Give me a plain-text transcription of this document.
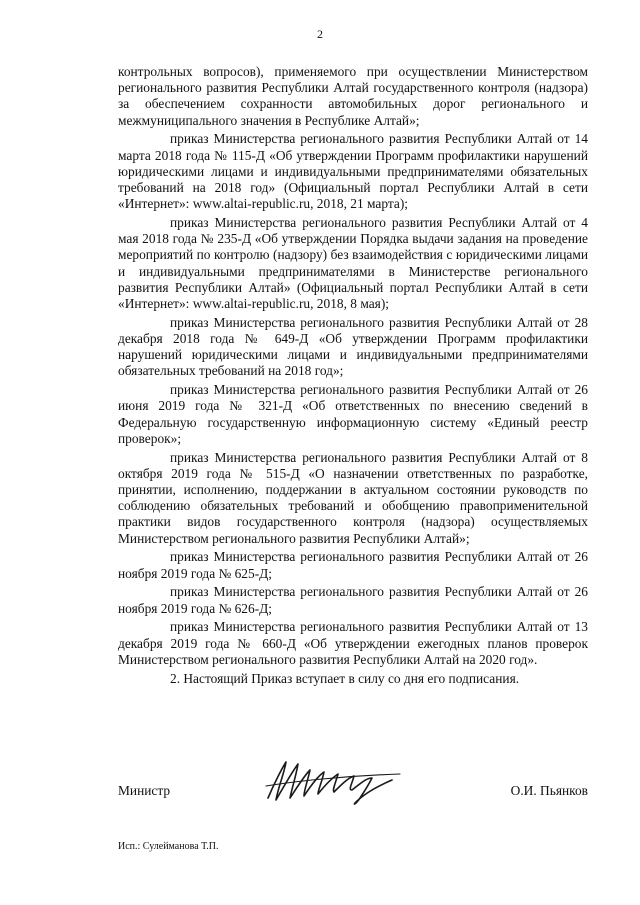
2

контрольных вопросов), применяемого при осуществлении Министерством регионального развития Республики Алтай государственного контроля (надзора) за обеспечением сохранности автомобильных дорог регионального и межмуниципального значения в Республике Алтай»;

приказ Министерства регионального развития Республики Алтай от 14 марта 2018 года № 115-Д «Об утверждении Программ профилактики нарушений юридическими лицами и индивидуальными предпринимателями обязательных требований на 2018 год» (Официальный портал Республики Алтай в сети «Интернет»: www.altai-republic.ru, 2018, 21 марта);

приказ Министерства регионального развития Республики Алтай от 4 мая 2018 года № 235-Д «Об утверждении Порядка выдачи задания на проведение мероприятий по контролю (надзору) без взаимодействия с юридическими лицами и индивидуальными предпринимателями в Министерстве регионального развития Республики Алтай» (Официальный портал Республики Алтай в сети «Интернет»: www.altai-republic.ru, 2018, 8 мая);

приказ Министерства регионального развития Республики Алтай от 28 декабря 2018 года № 649-Д «Об утверждении Программ профилактики нарушений юридическими лицами и индивидуальными предпринимателями обязательных требований на 2018 год»;

приказ Министерства регионального развития Республики Алтай от 26 июня 2019 года № 321-Д «Об ответственных по внесению сведений в Федеральную государственную информационную систему «Единый реестр проверок»;

приказ Министерства регионального развития Республики Алтай от 8 октября 2019 года № 515-Д «О назначении ответственных по разработке, принятии, исполнению, поддержании в актуальном состоянии руководств по соблюдению обязательных требований и обобщению правоприменительной практики видов государственного контроля (надзора) осуществляемых Министерством регионального развития Республики Алтай»;

приказ Министерства регионального развития Республики Алтай от 26 ноября 2019 года № 625-Д;

приказ Министерства регионального развития Республики Алтай от 26 ноября 2019 года № 626-Д;

приказ Министерства регионального развития Республики Алтай от 13 декабря 2019 года № 660-Д «Об утверждении ежегодных планов проверок Министерством регионального развития Республики Алтай на 2020 год».

2. Настоящий Приказ вступает в силу со дня его подписания.

Министр	О.И. Пьянков
Исп.: Сулейманова Т.П.
